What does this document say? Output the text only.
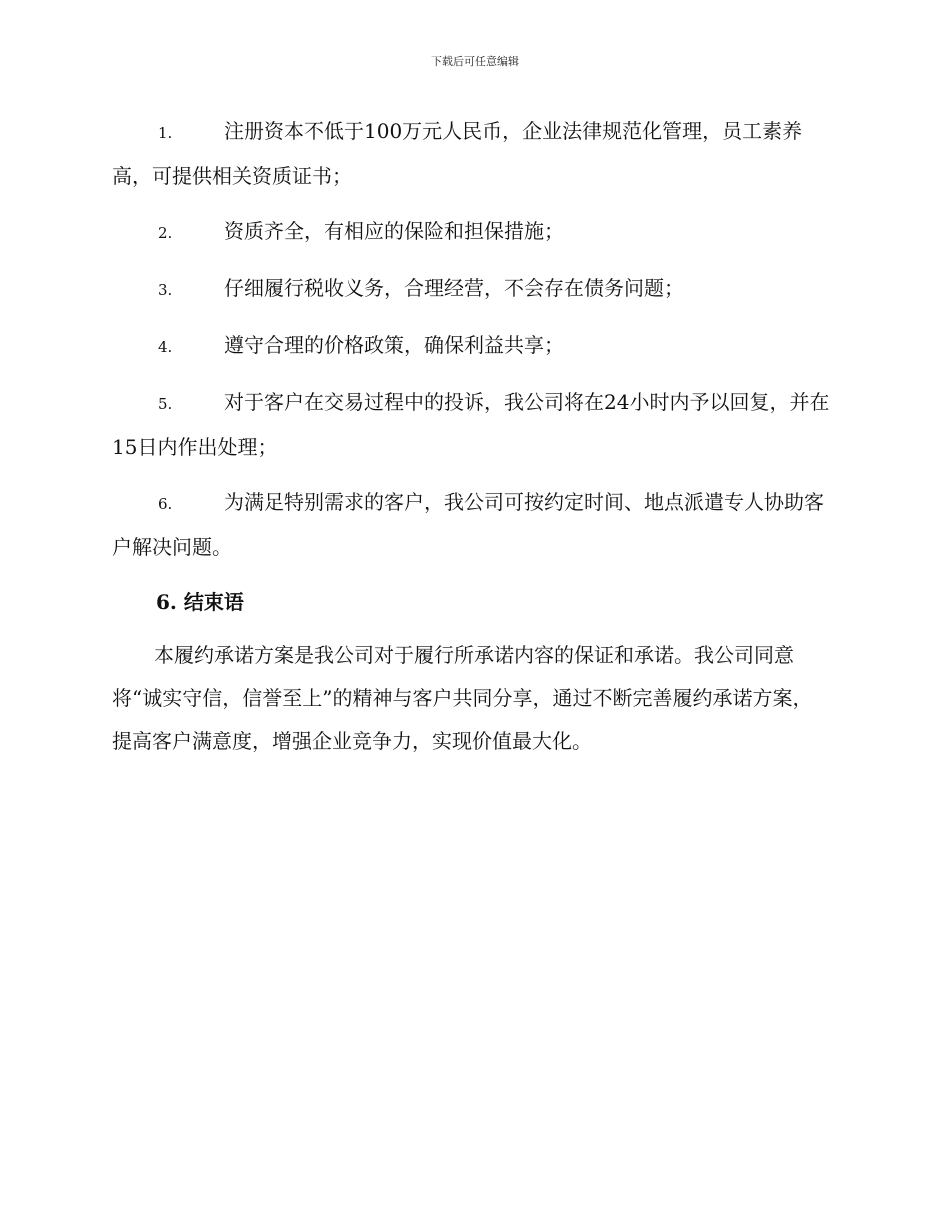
下载后可任意编辑
1.	注册资本不低于100万元人民币，企业法律规范化管理，员工素养高，可提供相关资质证书；
2.	资质齐全，有相应的保险和担保措施；
3.	仔细履行税收义务，合理经营，不会存在债务问题；
4.	遵守合理的价格政策，确保利益共享；
5.	对于客户在交易过程中的投诉，我公司将在24小时内予以回复，并在15日内作出处理；
6.	为满足特别需求的客户，我公司可按约定时间、地点派遣专人协助客户解决问题。
6. 结束语

本履约承诺方案是我公司对于履行所承诺内容的保证和承诺。我公司同意将“诚实守信，信誉至上”的精神与客户共同分享，通过不断完善履约承诺方案，提高客户满意度，增强企业竞争力，实现价值最大化。
